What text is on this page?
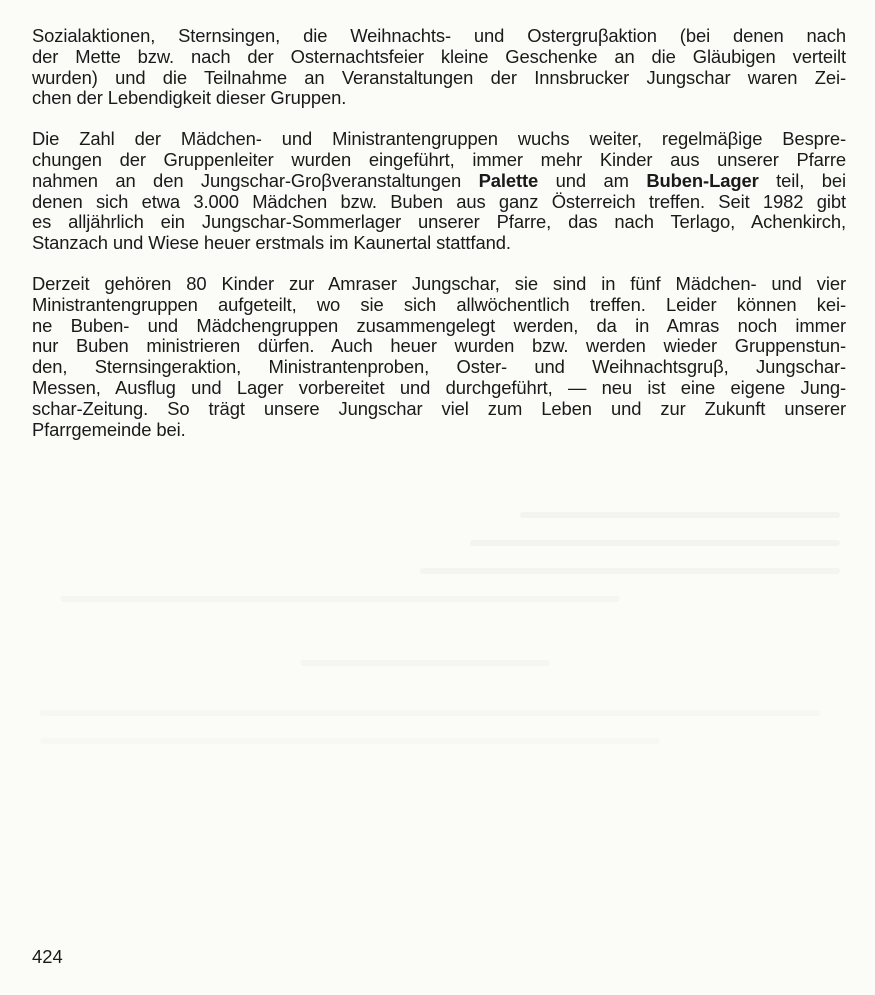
Sozialaktionen, Sternsingen, die Weihnachts- und Ostergruβaktion (bei denen nach
der Mette bzw. nach der Osternachtsfeier kleine Geschenke an die Gläubigen verteilt
wurden) und die Teilnahme an Veranstaltungen der Innsbrucker Jungschar waren Zei-
chen der Lebendigkeit dieser Gruppen.

Die Zahl der Mädchen- und Ministrantengruppen wuchs weiter, regelmäβige Bespre-
chungen der Gruppenleiter wurden eingeführt, immer mehr Kinder aus unserer Pfarre
nahmen an den Jungschar-Groβveranstaltungen Palette und am Buben-Lager teil, bei
denen sich etwa 3.000 Mädchen bzw. Buben aus ganz Österreich treffen. Seit 1982 gibt
es alljährlich ein Jungschar-Sommerlager unserer Pfarre, das nach Terlago, Achenkirch,
Stanzach und Wiese heuer erstmals im Kaunertal stattfand.

Derzeit gehören 80 Kinder zur Amraser Jungschar, sie sind in fünf Mädchen- und vier
Ministrantengruppen aufgeteilt, wo sie sich allwöchentlich treffen. Leider können kei-
ne Buben- und Mädchengruppen zusammengelegt werden, da in Amras noch immer
nur Buben ministrieren dürfen. Auch heuer wurden bzw. werden wieder Gruppenstun-
den, Sternsingeraktion, Ministrantenproben, Oster- und Weihnachtsgruβ, Jungschar-
Messen, Ausflug und Lager vorbereitet und durchgeführt, — neu ist eine eigene Jung-
schar-Zeitung. So trägt unsere Jungschar viel zum Leben und zur Zukunft unserer
Pfarrgemeinde bei.

424
